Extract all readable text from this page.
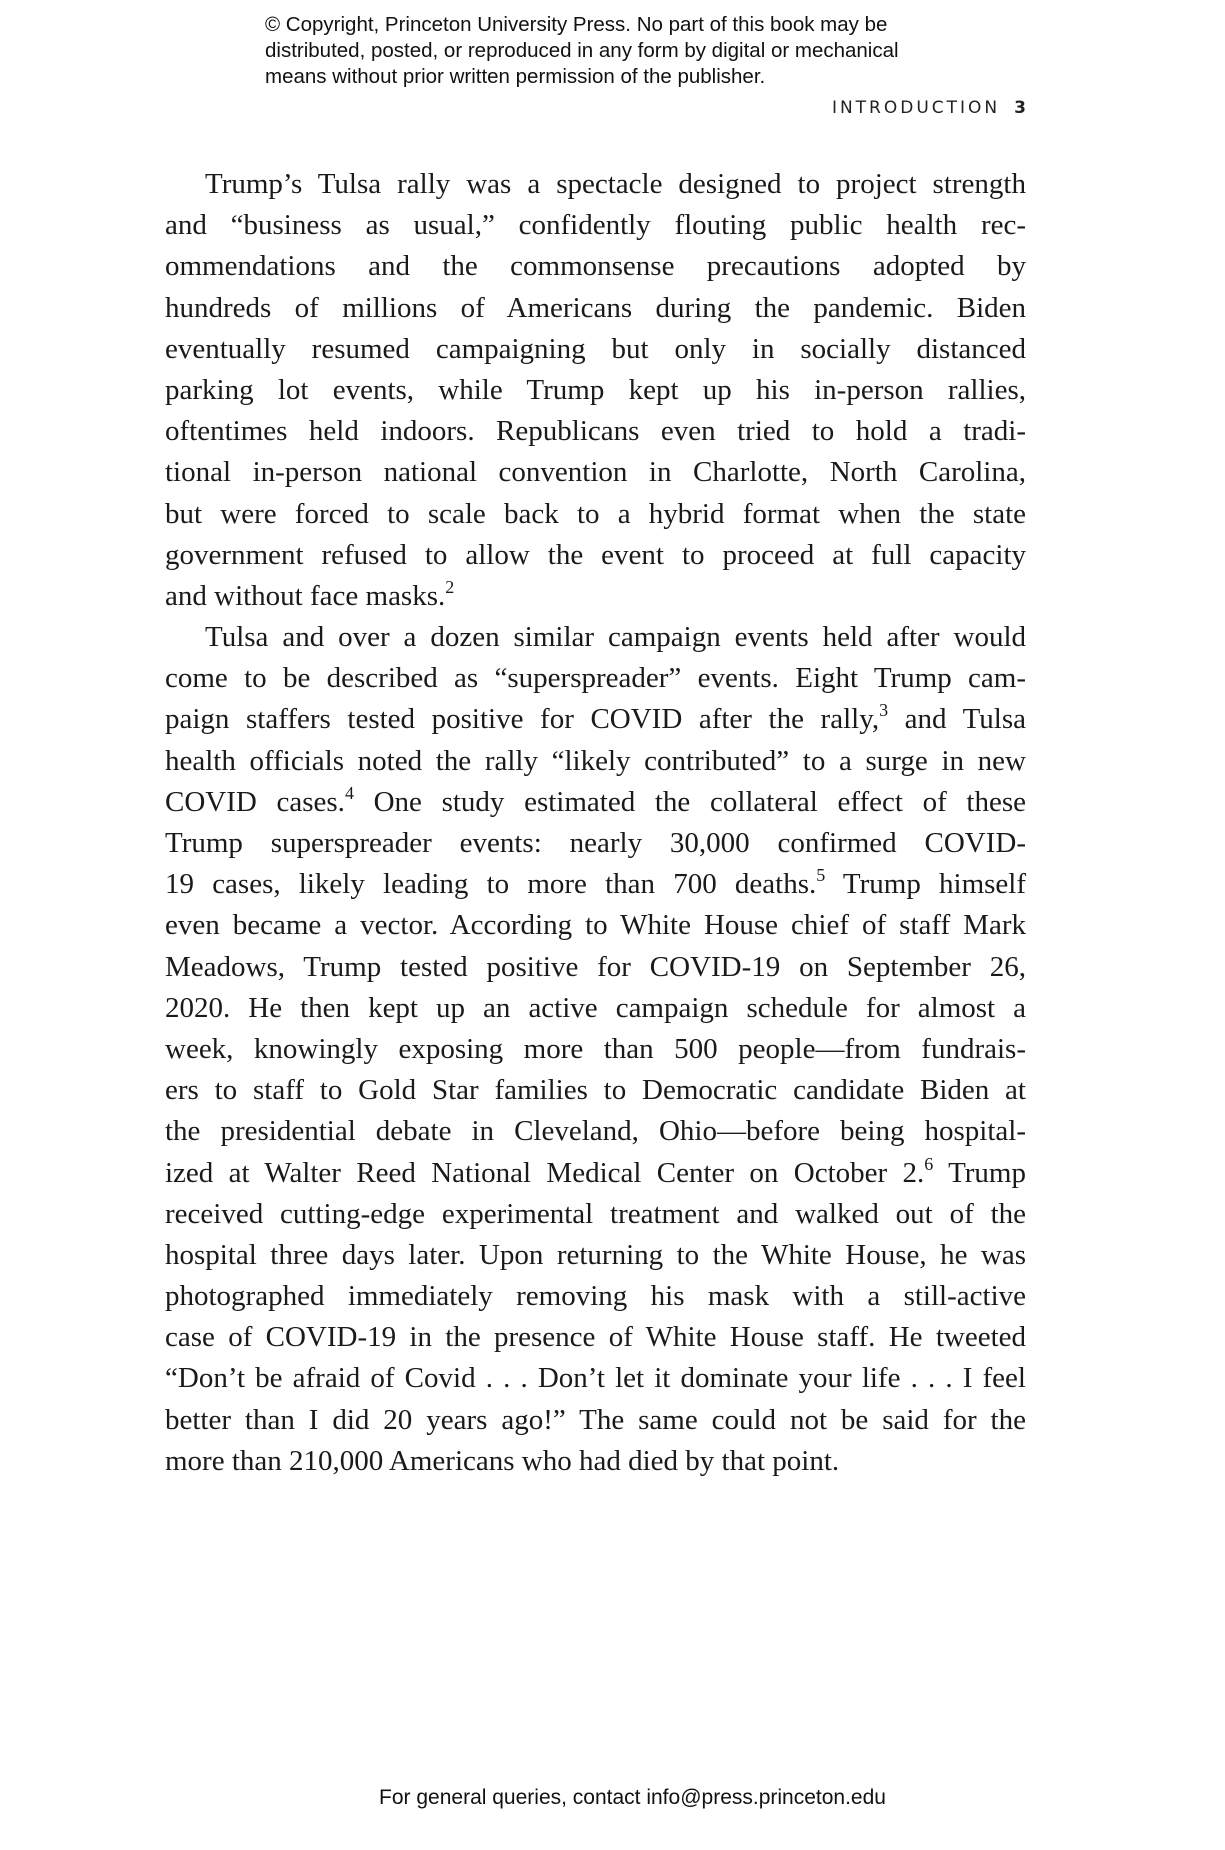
© Copyright, Princeton University Press. No part of this book may be
distributed, posted, or reproduced in any form by digital or mechanical
means without prior written permission of the publisher.
INTRODUCTION 3
Trump’s Tulsa rally was a spectacle designed to project strength
and “business as usual,” confidently flouting public health rec-
ommendations and the commonsense precautions adopted by
hundreds of millions of Americans during the pandemic. Biden
eventually resumed campaigning but only in socially distanced
parking lot events, while Trump kept up his in-person rallies,
oftentimes held indoors. Republicans even tried to hold a tradi-
tional in-person national convention in Charlotte, North Carolina,
but were forced to scale back to a hybrid format when the state
government refused to allow the event to proceed at full capacity
and without face masks.$^2$
Tulsa and over a dozen similar campaign events held after would
come to be described as “superspreader” events. Eight Trump cam-
paign staffers tested positive for COVID after the rally,$^3$ and Tulsa
health officials noted the rally “likely contributed” to a surge in new
COVID cases.$^4$ One study estimated the collateral effect of these
Trump superspreader events: nearly 30,000 confirmed COVID-
19 cases, likely leading to more than 700 deaths.$^5$ Trump himself
even became a vector. According to White House chief of staff Mark
Meadows, Trump tested positive for COVID-19 on September 26,
2020. He then kept up an active campaign schedule for almost a
week, knowingly exposing more than 500 people—from fundrais-
ers to staff to Gold Star families to Democratic candidate Biden at
the presidential debate in Cleveland, Ohio—before being hospital-
ized at Walter Reed National Medical Center on October 2.$^6$ Trump
received cutting-edge experimental treatment and walked out of the
hospital three days later. Upon returning to the White House, he was
photographed immediately removing his mask with a still-active
case of COVID-19 in the presence of White House staff. He tweeted
“Don’t be afraid of Covid . . . Don’t let it dominate your life . . . I feel
better than I did 20 years ago!” The same could not be said for the
more than 210,000 Americans who had died by that point.
For general queries, contact info@press.princeton.edu
